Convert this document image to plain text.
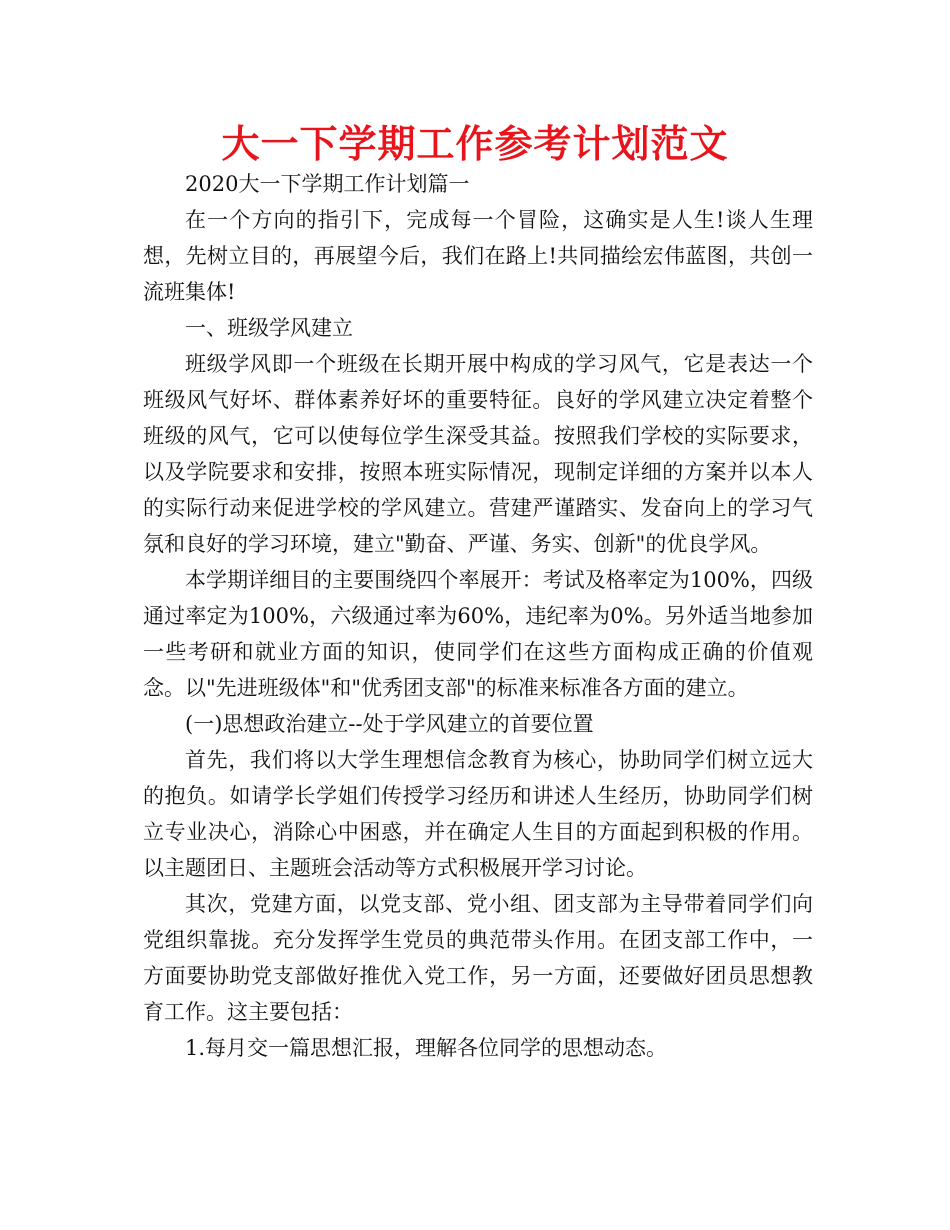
大一下学期工作参考计划范文

2020大一下学期工作计划篇一

在一个方向的指引下，完成每一个冒险，这确实是人生!谈人生理想，先树立目的，再展望今后，我们在路上!共同描绘宏伟蓝图，共创一流班集体!

一、班级学风建立

班级学风即一个班级在长期开展中构成的学习风气，它是表达一个班级风气好坏、群体素养好坏的重要特征。良好的学风建立决定着整个班级的风气，它可以使每位学生深受其益。按照我们学校的实际要求，以及学院要求和安排，按照本班实际情况，现制定详细的方案并以本人的实际行动来促进学校的学风建立。营建严谨踏实、发奋向上的学习气氛和良好的学习环境，建立"勤奋、严谨、务实、创新"的优良学风。

本学期详细目的主要围绕四个率展开：考试及格率定为100%，四级通过率定为100%，六级通过率为60%，违纪率为0%。另外适当地参加一些考研和就业方面的知识，使同学们在这些方面构成正确的价值观念。以"先进班级体"和"优秀团支部"的标准来标准各方面的建立。

(一)思想政治建立--处于学风建立的首要位置

首先，我们将以大学生理想信念教育为核心，协助同学们树立远大的抱负。如请学长学姐们传授学习经历和讲述人生经历，协助同学们树立专业决心，消除心中困惑，并在确定人生目的方面起到积极的作用。以主题团日、主题班会活动等方式积极展开学习讨论。

其次，党建方面，以党支部、党小组、团支部为主导带着同学们向党组织靠拢。充分发挥学生党员的典范带头作用。在团支部工作中，一方面要协助党支部做好推优入党工作，另一方面，还要做好团员思想教育工作。这主要包括：

1.每月交一篇思想汇报，理解各位同学的思想动态。
